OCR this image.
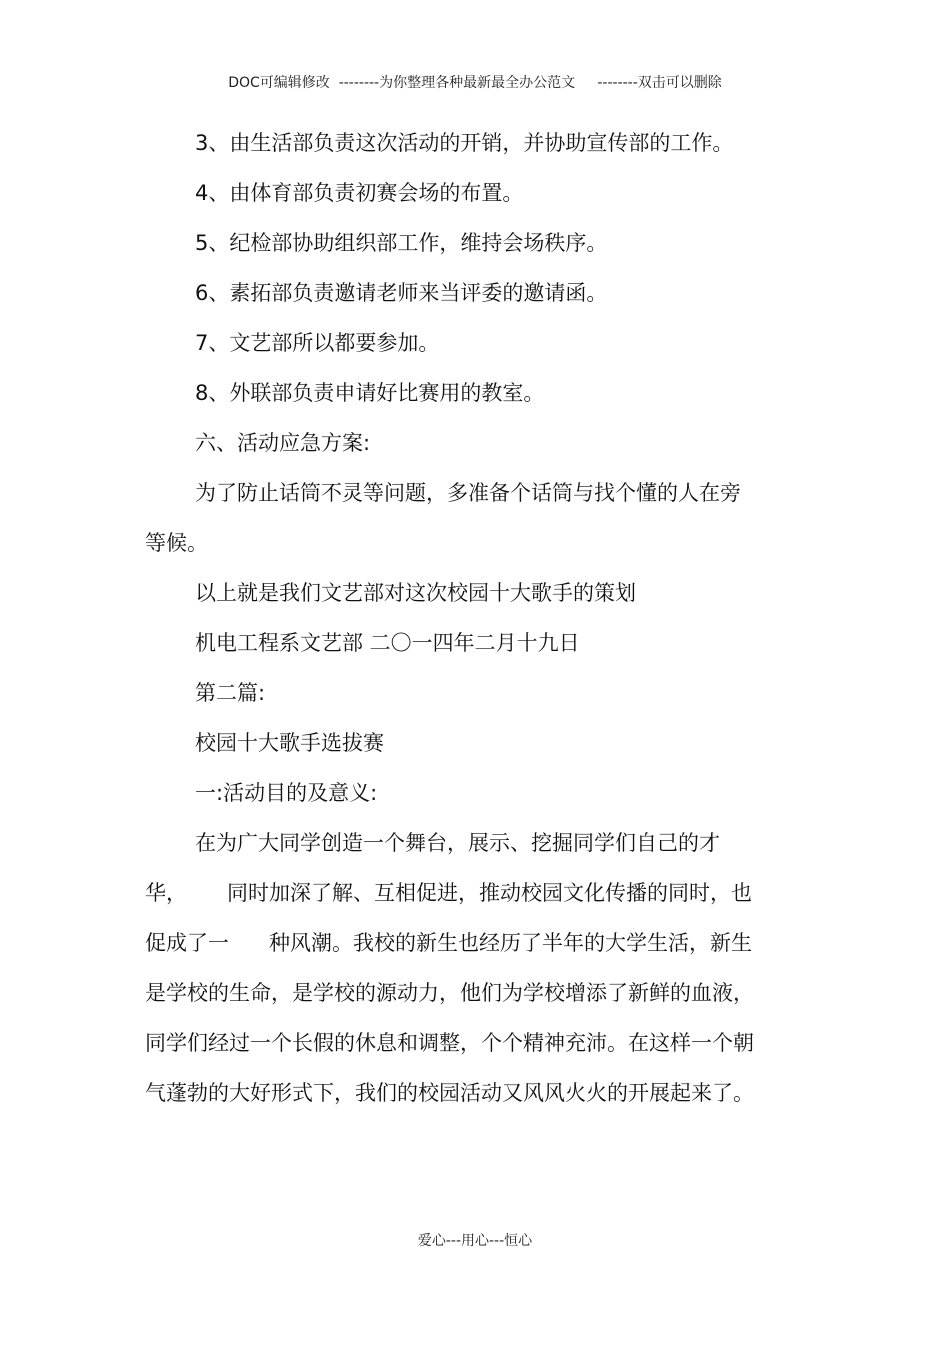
DOC可编辑修改  --------为你整理各种最新最全办公范文     --------双击可以删除

3、由生活部负责这次活动的开销，并协助宣传部的工作。

4、由体育部负责初赛会场的布置。

5、纪检部协助组织部工作，维持会场秩序。

6、素拓部负责邀请老师来当评委的邀请函。

7、文艺部所以都要参加。

8、外联部负责申请好比赛用的教室。

六、活动应急方案:

为了防止话筒不灵等问题，多准备个话筒与找个懂的人在旁等候。

以上就是我们文艺部对这次校园十大歌手的策划

机电工程系文艺部 二〇一四年二月十九日

第二篇:

校园十大歌手选拔赛

一:活动目的及意义:

在为广大同学创造一个舞台，展示、挖掘同学们自己的才华，      同时加深了解、互相促进，推动校园文化传播的同时，也促成了一      种风潮。我校的新生也经历了半年的大学生活，新生是学校的生命，是学校的源动力，他们为学校增添了新鲜的血液，同学们经过一个长假的休息和调整，个个精神充沛。在这样一个朝气蓬勃的大好形式下，我们的校园活动又风风火火的开展起来了。

爱心---用心---恒心
